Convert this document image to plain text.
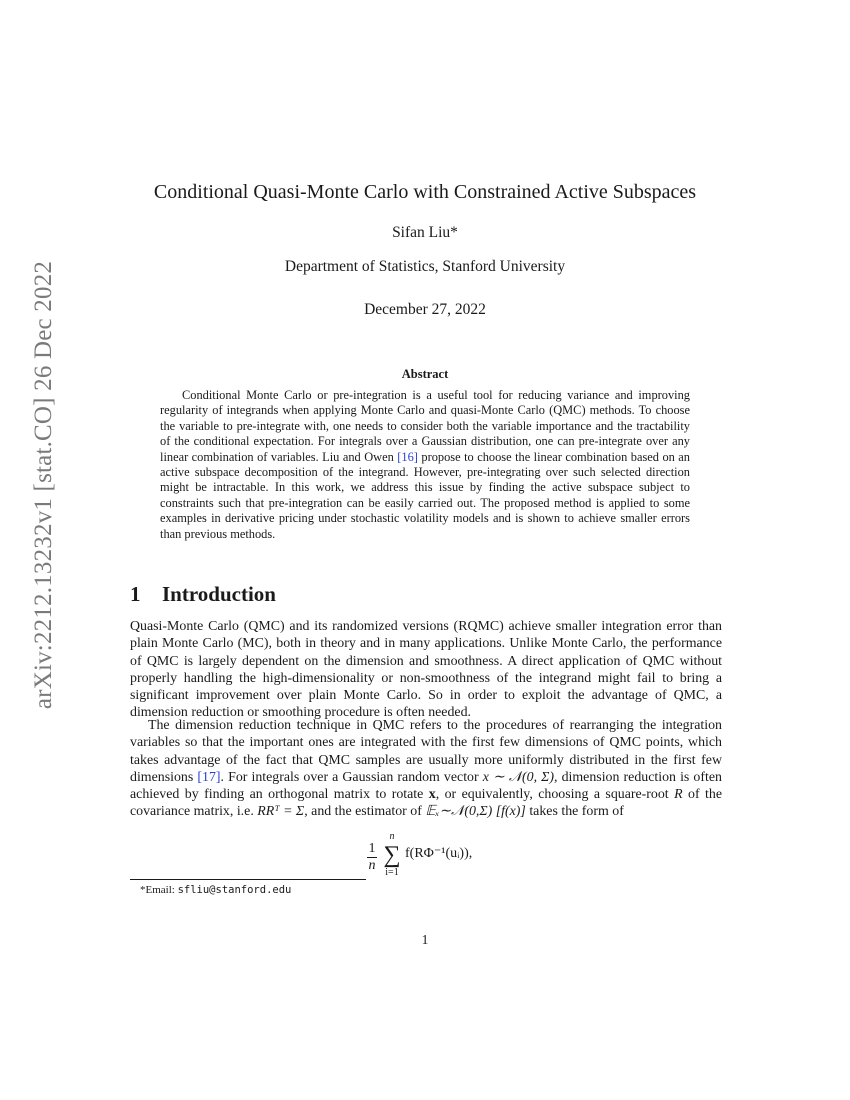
arXiv:2212.13232v1 [stat.CO] 26 Dec 2022
Conditional Quasi-Monte Carlo with Constrained Active Subspaces
Sifan Liu*
Department of Statistics, Stanford University
December 27, 2022
Abstract

Conditional Monte Carlo or pre-integration is a useful tool for reducing variance and improving regularity of integrands when applying Monte Carlo and quasi-Monte Carlo (QMC) methods. To choose the variable to pre-integrate with, one needs to consider both the variable importance and the tractability of the conditional expectation. For integrals over a Gaussian distribution, one can pre-integrate over any linear combination of variables. Liu and Owen [16] propose to choose the linear combination based on an active subspace decomposition of the integrand. However, pre-integrating over such selected direction might be intractable. In this work, we address this issue by finding the active subspace subject to constraints such that pre-integration can be easily carried out. The proposed method is applied to some examples in derivative pricing under stochastic volatility models and is shown to achieve smaller errors than previous methods.

1 Introduction

Quasi-Monte Carlo (QMC) and its randomized versions (RQMC) achieve smaller integration error than plain Monte Carlo (MC), both in theory and in many applications. Unlike Monte Carlo, the performance of QMC is largely dependent on the dimension and smoothness. A direct application of QMC without properly handling the high-dimensionality or non-smoothness of the integrand might fail to bring a significant improvement over plain Monte Carlo. So in order to exploit the advantage of QMC, a dimension reduction or smoothing procedure is often needed.

The dimension reduction technique in QMC refers to the procedures of rearranging the integration variables so that the important ones are integrated with the first few dimensions of QMC points, which takes advantage of the fact that QMC samples are usually more uniformly distributed in the first few dimensions [17]. For integrals over a Gaussian random vector x ∼ 𝒩(0, Σ), dimension reduction is often achieved by finding an orthogonal matrix to rotate x, or equivalently, choosing a square-root R of the covariance matrix, i.e. RRᵀ = Σ, and the estimator of 𝔼ₓ∼𝒩(0,Σ) [f(x)] takes the form of

1
n
n
∑
i=1
f(RΦ⁻¹(uᵢ)),
*Email: sfliu@stanford.edu
1
